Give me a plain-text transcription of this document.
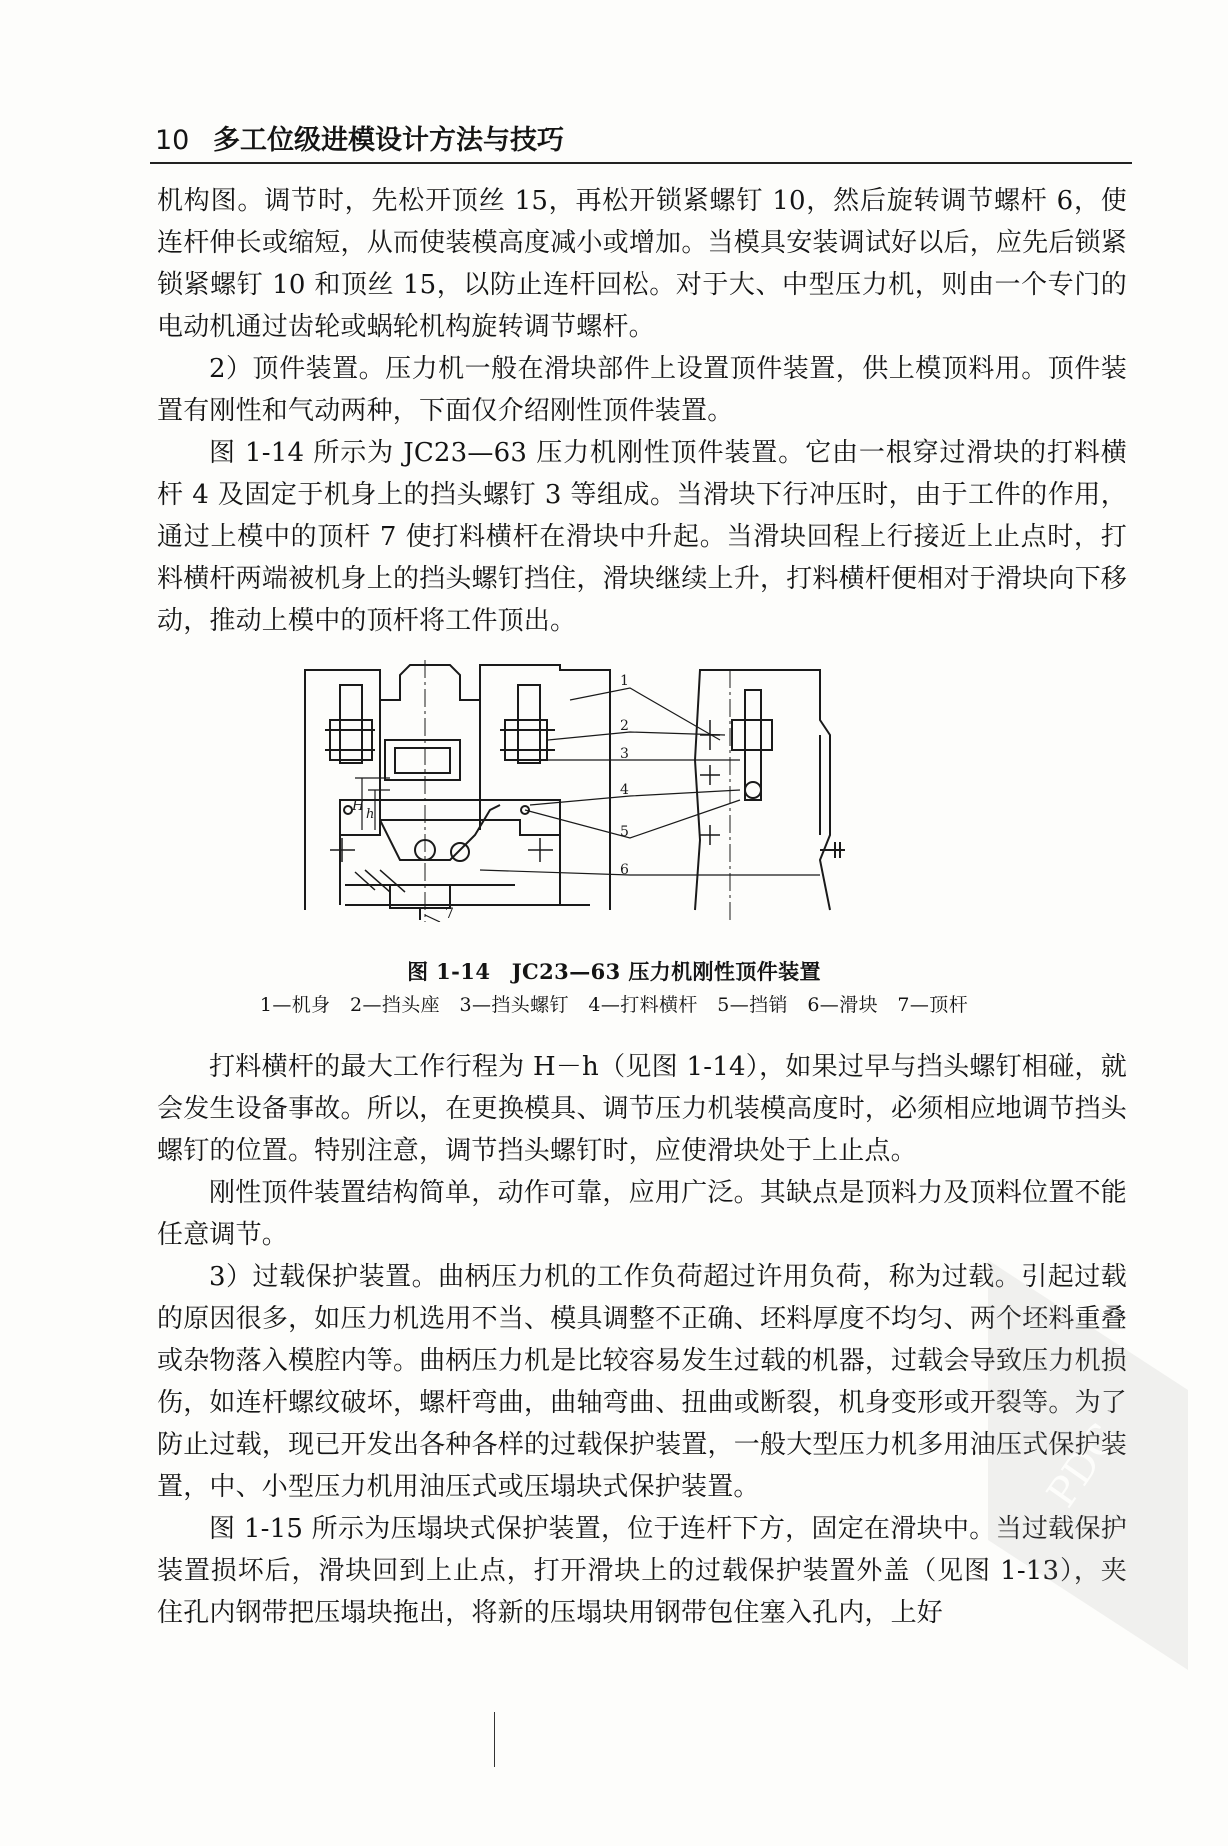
10 多工位级进模设计方法与技巧

机构图。调节时，先松开顶丝 15，再松开锁紧螺钉 10，然后旋转调节螺杆 6，使连杆伸长或缩短，从而使装模高度减小或增加。当模具安装调试好以后，应先后锁紧锁紧螺钉 10 和顶丝 15，以防止连杆回松。对于大、中型压力机，则由一个专门的电动机通过齿轮或蜗轮机构旋转调节螺杆。

2）顶件装置。压力机一般在滑块部件上设置顶件装置，供上模顶料用。顶件装置有刚性和气动两种，下面仅介绍刚性顶件装置。

图 1-14 所示为 JC23—63 压力机刚性顶件装置。它由一根穿过滑块的打料横杆 4 及固定于机身上的挡头螺钉 3 等组成。当滑块下行冲压时，由于工件的作用，通过上模中的顶杆 7 使打料横杆在滑块中升起。当滑块回程上行接近上止点时，打料横杆两端被机身上的挡头螺钉挡住，滑块继续上升，打料横杆便相对于滑块向下移动，推动上模中的顶杆将工件顶出。

H
h
1
2
3
4
5
6
7
图 1-14　JC23—63 压力机刚性顶件装置
1—机身　2—挡头座　3—挡头螺钉　4—打料横杆　5—挡销　6—滑块　7—顶杆

打料横杆的最大工作行程为 H－h（见图 1-14），如果过早与挡头螺钉相碰，就会发生设备事故。所以，在更换模具、调节压力机装模高度时，必须相应地调节挡头螺钉的位置。特别注意，调节挡头螺钉时，应使滑块处于上止点。

刚性顶件装置结构简单，动作可靠，应用广泛。其缺点是顶料力及顶料位置不能任意调节。

3）过载保护装置。曲柄压力机的工作负荷超过许用负荷，称为过载。引起过载的原因很多，如压力机选用不当、模具调整不正确、坯料厚度不均匀、两个坯料重叠或杂物落入模腔内等。曲柄压力机是比较容易发生过载的机器，过载会导致压力机损伤，如连杆螺纹破坏，螺杆弯曲，曲轴弯曲、扭曲或断裂，机身变形或开裂等。为了防止过载，现已开发出各种各样的过载保护装置，一般大型压力机多用油压式保护装置，中、小型压力机用油压式或压塌块式保护装置。

图 1-15 所示为压塌块式保护装置，位于连杆下方，固定在滑块中。当过载保护装置损坏后，滑块回到上止点，打开滑块上的过载保护装置外盖（见图 1-13），夹住孔内钢带把压塌块拖出，将新的压塌块用钢带包住塞入孔内，上好

PDG
